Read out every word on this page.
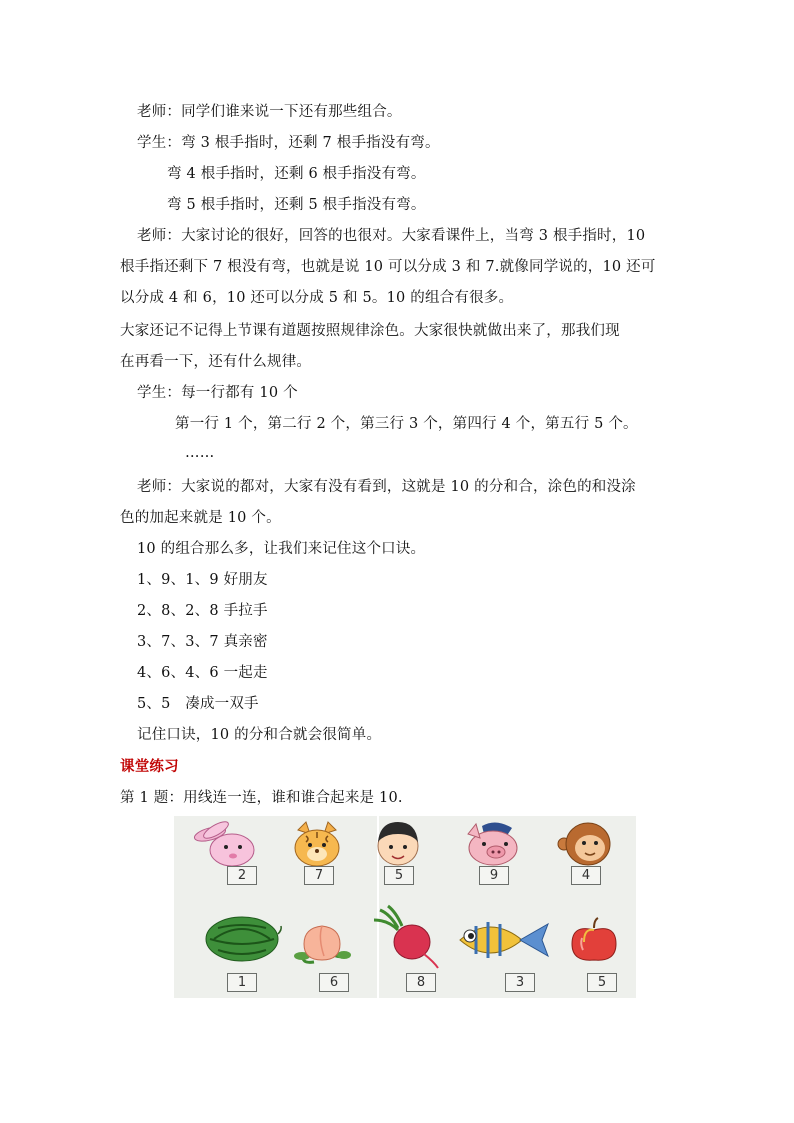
老师：同学们谁来说一下还有那些组合。
学生：弯 3 根手指时，还剩 7 根手指没有弯。
弯 4 根手指时，还剩 6 根手指没有弯。
弯 5 根手指时，还剩 5 根手指没有弯。
老师：大家讨论的很好，回答的也很对。大家看课件上，当弯 3 根手指时，10
根手指还剩下 7 根没有弯，也就是说 10 可以分成 3 和 7.就像同学说的，10 还可
以分成 4 和 6，10 还可以分成 5 和 5。10 的组合有很多。
大家还记不记得上节课有道题按照规律涂色。大家很快就做出来了，那我们现
在再看一下，还有什么规律。
学生：每一行都有 10 个
第一行 1 个，第二行 2 个，第三行 3 个，第四行 4 个，第五行 5 个。
……
老师：大家说的都对，大家有没有看到，这就是 10 的分和合，涂色的和没涂
色的加起来就是 10 个。
10 的组合那么多，让我们来记住这个口诀。
1、9、1、9 好朋友
2、8、2、8 手拉手
3、7、3、7 真亲密
4、6、4、6 一起走
5、5　凑成一双手
记住口诀，10 的分和合就会很简单。
课堂练习
第 1 题：用线连一连，谁和谁合起来是 10.
2	7	5	9	4
1	6	8	3	5
